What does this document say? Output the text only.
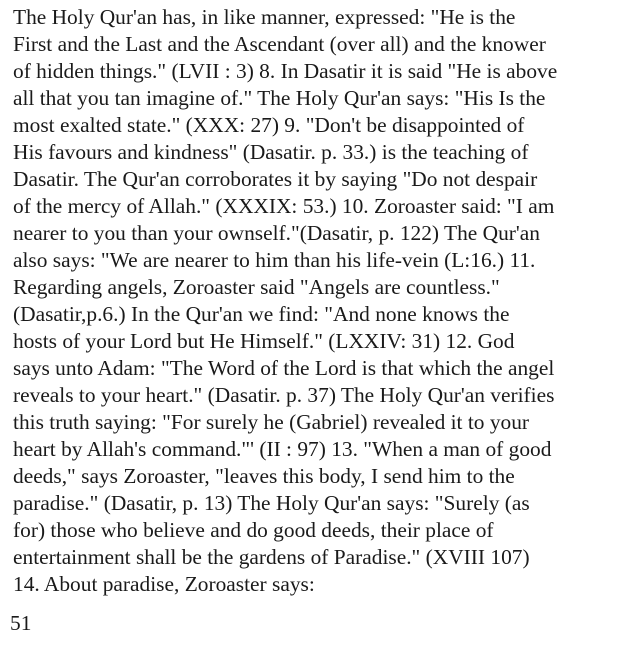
The Holy Qur'an has, in like manner, expressed: "He is the
First and the Last and the Ascendant (over all) and the knower
of hidden things." (LVII : 3) 8. In Dasatir it is said "He is above
all that you tan imagine of." The Holy Qur'an says: "His Is the
most exalted state." (XXX: 27) 9. "Don't be disappointed of
His favours and kindness" (Dasatir. p. 33.) is the teaching of
Dasatir. The Qur'an corroborates it by saying "Do not despair
of the mercy of Allah." (XXXIX: 53.) 10. Zoroaster said: "I am
nearer to you than your ownself."(Dasatir, p. 122) The Qur'an
also says: "We are nearer to him than his life-vein (L:16.) 11.
Regarding angels, Zoroaster said "Angels are countless."
(Dasatir,p.6.) In the Qur'an we find: "And none knows the
hosts of your Lord but He Himself." (LXXIV: 31) 12. God
says unto Adam: "The Word of the Lord is that which the angel
reveals to your heart." (Dasatir. p. 37) The Holy Qur'an verifies
this truth saying: "For surely he (Gabriel) revealed it to your
heart by Allah's command."' (II : 97) 13. "When a man of good
deeds," says Zoroaster, "leaves this body, I send him to the
paradise." (Dasatir, p. 13) The Holy Qur'an says: "Surely (as
for) those who believe and do good deeds, their place of
entertainment shall be the gardens of Paradise." (XVIII 107)
14. About paradise, Zoroaster says:
51
